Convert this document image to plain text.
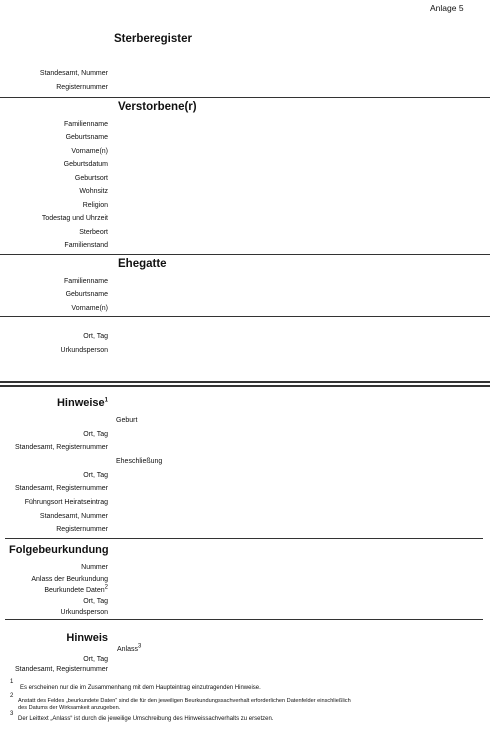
Anlage 5
Sterberegister
Standesamt, Nummer
Registernummer
Verstorbene(r)
Familienname
Geburtsname
Vorname(n)
Geburtsdatum
Geburtsort
Wohnsitz
Religion
Todestag und Uhrzeit
Sterbeort
Familienstand
Ehegatte
Familienname
Geburtsname
Vorname(n)
Ort, Tag
Urkundsperson
Hinweise$^1$
Geburt
Ort, Tag
Standesamt, Registernummer
Eheschließung
Ort, Tag
Standesamt, Registernummer
Führungsort Heiratseintrag
Standesamt, Nummer
Registernummer
Folgebeurkundung
Nummer
Anlass der Beurkundung
Beurkundete Daten$^2$
Ort, Tag
Urkundsperson
Hinweis
Anlass$^3$
Ort, Tag
Standesamt, Registernummer
1
Es erscheinen nur die im Zusammenhang mit dem Haupteintrag einzutragenden Hinweise.
2
Anstatt des Feldes „beurkundete Daten“ sind die für den jeweiligen Beurkundungssachverhalt erforderlichen Datenfelder einschließlich
des Datums der Wirksamkeit anzugeben.
3
Der Leittext „Anlass“ ist durch die jeweilige Umschreibung des Hinweissachverhalts zu ersetzen.
